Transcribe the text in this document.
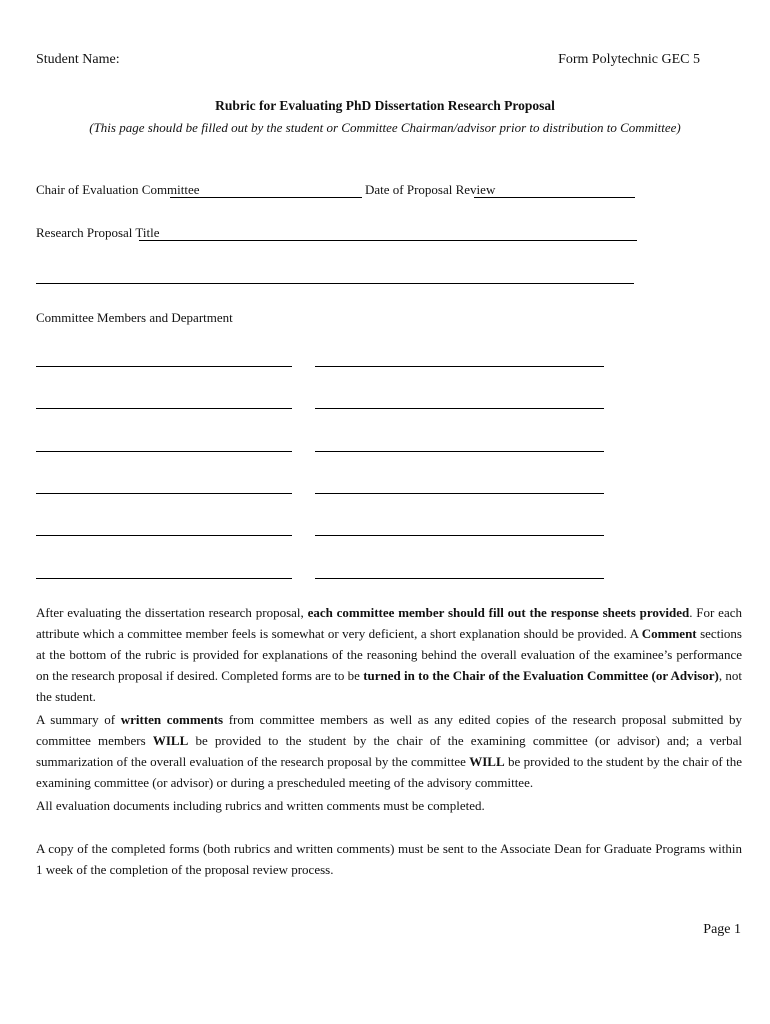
Student Name:	Form Polytechnic GEC 5
Rubric for Evaluating PhD Dissertation Research Proposal
(This page should be filled out by the student or Committee Chairman/advisor prior to distribution to Committee)
Chair of Evaluation Committee	Date of Proposal Review
Research Proposal Title
Committee Members and Department
After evaluating the dissertation research proposal, each committee member should fill out the response sheets provided. For each attribute which a committee member feels is somewhat or very deficient, a short explanation should be provided. A Comment sections at the bottom of the rubric is provided for explanations of the reasoning behind the overall evaluation of the examinee’s performance on the research proposal if desired. Completed forms are to be turned in to the Chair of the Evaluation Committee (or Advisor), not the student.
A summary of written comments from committee members as well as any edited copies of the research proposal submitted by committee members WILL be provided to the student by the chair of the examining committee (or advisor) and; a verbal summarization of the overall evaluation of the research proposal by the committee WILL be provided to the student by the chair of the examining committee (or advisor) or during a prescheduled meeting of the advisory committee.
All evaluation documents including rubrics and written comments must be completed.
A copy of the completed forms (both rubrics and written comments) must be sent to the Associate Dean for Graduate Programs within 1 week of the completion of the proposal review process.
Page 1
